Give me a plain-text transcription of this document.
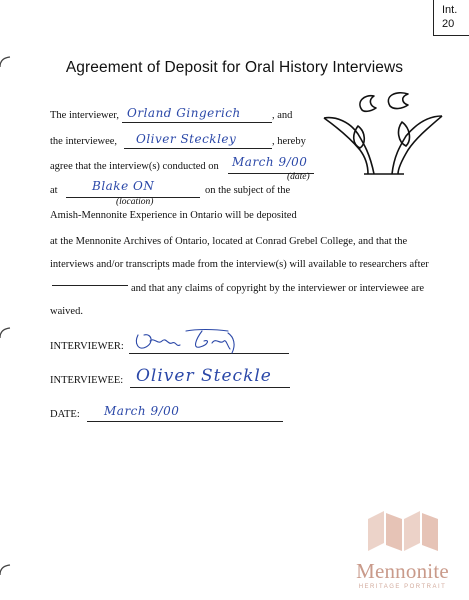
Int.
20
Agreement of Deposit for Oral History Interviews
The interviewer, Orland Gingerich	, and
the interviewee, Oliver Steckley	, hereby
agree that the interview(s) conducted on March 9/00
(date)
at	Blake ON	on the subject of the
(location)
Amish-Mennonite Experience in Ontario will be deposited
at the Mennonite Archives of Ontario, located at Conrad Grebel College, and that the
interviews and/or transcripts made from the interview(s) will available to researchers after
and that any claims of copyright by the interviewer or interviewee are
waived.
INTERVIEWER:
INTERVIEWEE: Oliver Steckle
DATE: March 9/00
Mennonite
HERITAGE PORTRAIT
